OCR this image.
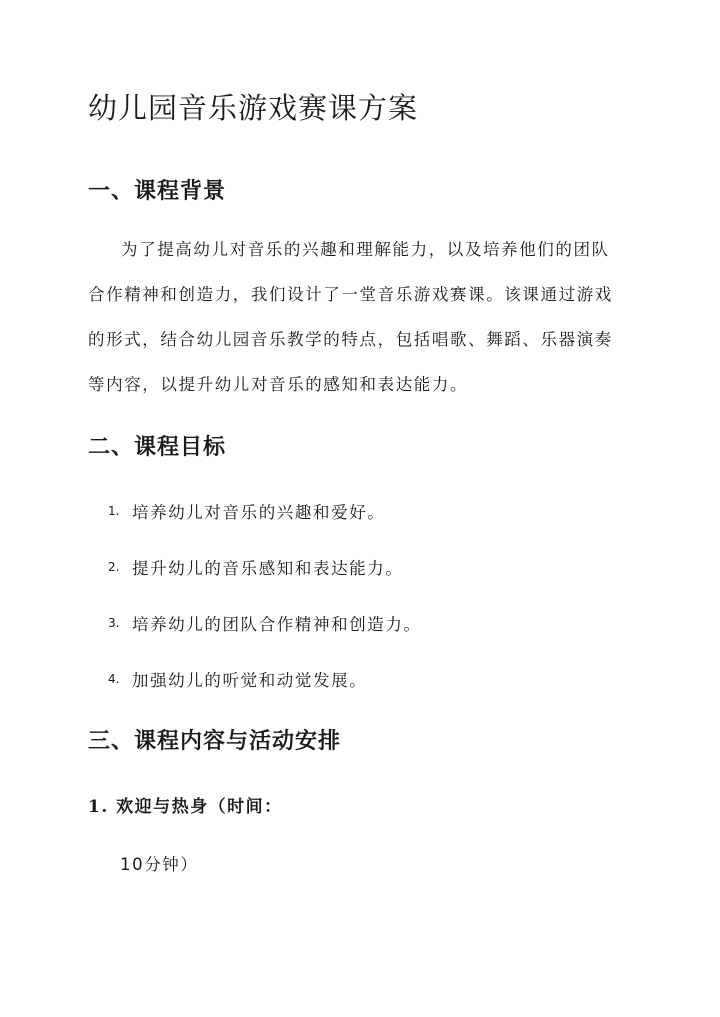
幼儿园音乐游戏赛课方案
一、课程背景
为了提高幼儿对音乐的兴趣和理解能力，以及培养他们的团队
合作精神和创造力，我们设计了一堂音乐游戏赛课。该课通过游戏
的形式，结合幼儿园音乐教学的特点，包括唱歌、舞蹈、乐器演奏
等内容，以提升幼儿对音乐的感知和表达能力。
二、课程目标
1. 培养幼儿对音乐的兴趣和爱好。
2. 提升幼儿的音乐感知和表达能力。
3. 培养幼儿的团队合作精神和创造力。
4. 加强幼儿的听觉和动觉发展。
三、课程内容与活动安排
1. 欢迎与热身（时间：
10分钟）
